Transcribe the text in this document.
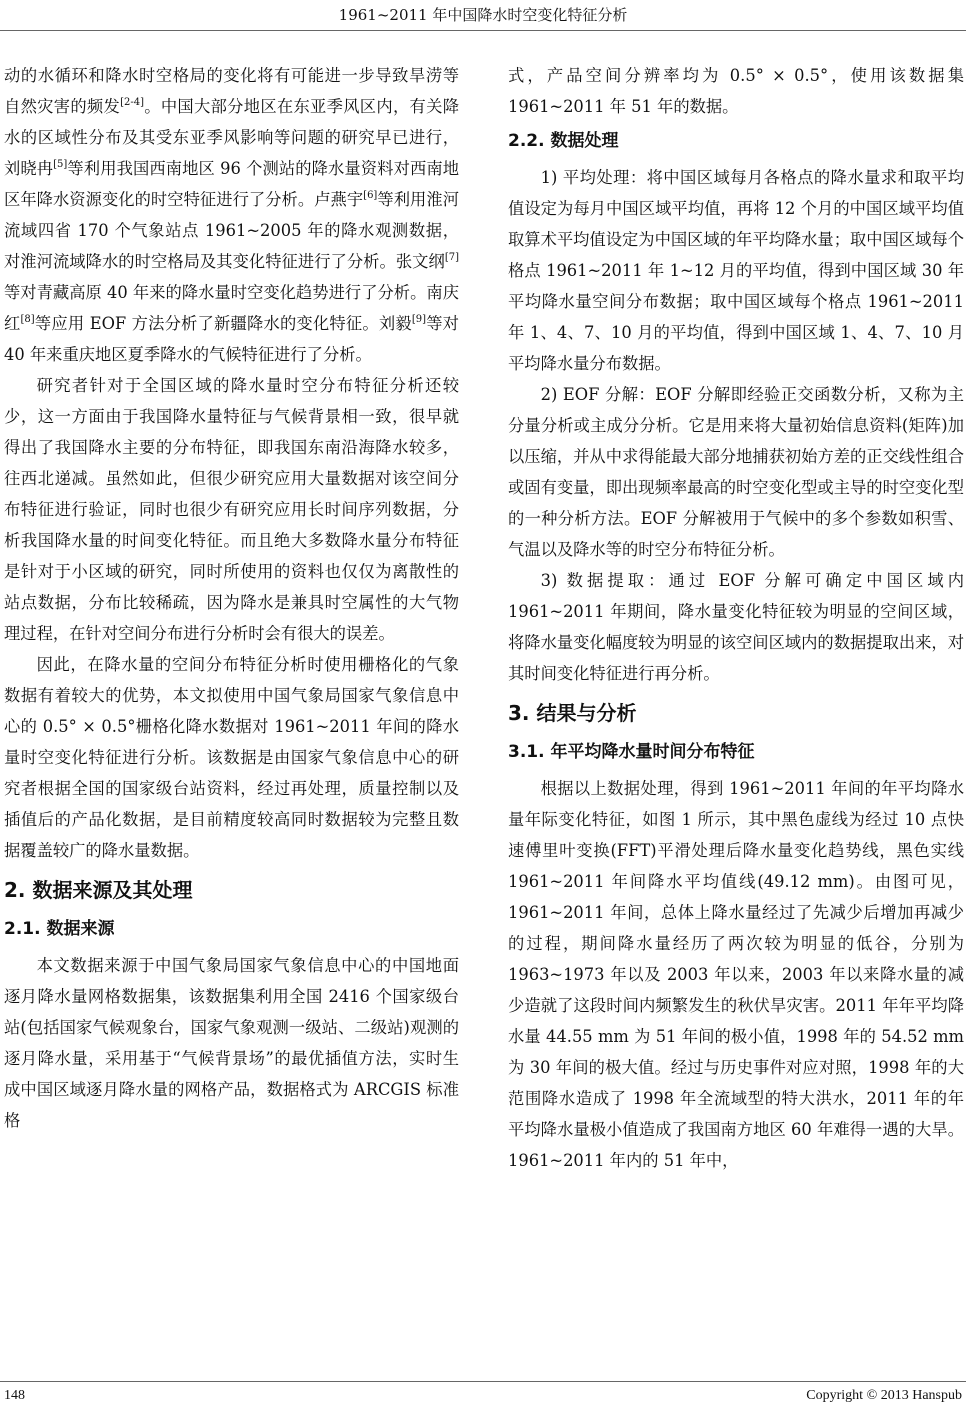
1961~2011 年中国降水时空变化特征分析

动的水循环和降水时空格局的变化将有可能进一步导致旱涝等自然灾害的频发[2-4]。中国大部分地区在东亚季风区内，有关降水的区域性分布及其受东亚季风影响等问题的研究早已进行，刘晓冉[5]等利用我国西南地区 96 个测站的降水量资料对西南地区年降水资源变化的时空特征进行了分析。卢燕宇[6]等利用淮河流域四省 170 个气象站点 1961~2005 年的降水观测数据，对淮河流域降水的时空格局及其变化特征进行了分析。张文纲[7]等对青藏高原 40 年来的降水量时空变化趋势进行了分析。南庆红[8]等应用 EOF 方法分析了新疆降水的变化特征。刘毅[9]等对 40 年来重庆地区夏季降水的气候特征进行了分析。

研究者针对于全国区域的降水量时空分布特征分析还较少，这一方面由于我国降水量特征与气候背景相一致，很早就得出了我国降水主要的分布特征，即我国东南沿海降水较多，往西北递减。虽然如此，但很少研究应用大量数据对该空间分布特征进行验证，同时也很少有研究应用长时间序列数据，分析我国降水量的时间变化特征。而且绝大多数降水量分布特征是针对于小区域的研究，同时所使用的资料也仅仅为离散性的站点数据，分布比较稀疏，因为降水是兼具时空属性的大气物理过程，在针对空间分布进行分析时会有很大的误差。

因此，在降水量的空间分布特征分析时使用栅格化的气象数据有着较大的优势，本文拟使用中国气象局国家气象信息中心的 0.5° × 0.5°栅格化降水数据对 1961~2011 年间的降水量时空变化特征进行分析。该数据是由国家气象信息中心的研究者根据全国的国家级台站资料，经过再处理，质量控制以及插值后的产品化数据，是目前精度较高同时数据较为完整且数据覆盖较广的降水量数据。

2. 数据来源及其处理
2.1. 数据来源

本文数据来源于中国气象局国家气象信息中心的中国地面逐月降水量网格数据集，该数据集利用全国 2416 个国家级台站(包括国家气候观象台，国家气象观测一级站、二级站)观测的逐月降水量，采用基于“气候背景场”的最优插值方法，实时生成中国区域逐月降水量的网格产品，数据格式为 ARCGIS 标准格

式，产品空间分辨率均为 0.5° × 0.5°，使用该数据集 1961~2011 年 51 年的数据。

2.2. 数据处理

1) 平均处理：将中国区域每月各格点的降水量求和取平均值设定为每月中国区域平均值，再将 12 个月的中国区域平均值取算术平均值设定为中国区域的年平均降水量；取中国区域每个格点 1961~2011 年 1~12 月的平均值，得到中国区域 30 年平均降水量空间分布数据；取中国区域每个格点 1961~2011 年 1、4、7、10 月的平均值，得到中国区域 1、4、7、10 月平均降水量分布数据。

2) EOF 分解：EOF 分解即经验正交函数分析，又称为主分量分析或主成分分析。它是用来将大量初始信息资料(矩阵)加以压缩，并从中求得能最大部分地捕获初始方差的正交线性组合或固有变量，即出现频率最高的时空变化型或主导的时空变化型的一种分析方法。EOF 分解被用于气候中的多个参数如积雪、气温以及降水等的时空分布特征分析。

3) 数据提取：通过 EOF 分解可确定中国区域内 1961~2011 年期间，降水量变化特征较为明显的空间区域，将降水量变化幅度较为明显的该空间区域内的数据提取出来，对其时间变化特征进行再分析。

3. 结果与分析
3.1. 年平均降水量时间分布特征

根据以上数据处理，得到 1961~2011 年间的年平均降水量年际变化特征，如图 1 所示，其中黑色虚线为经过 10 点快速傅里叶变换(FFT)平滑处理后降水量变化趋势线，黑色实线 1961~2011 年间降水平均值线(49.12 mm)。由图可见，1961~2011 年间，总体上降水量经过了先减少后增加再减少的过程，期间降水量经历了两次较为明显的低谷，分别为 1963~1973 年以及 2003 年以来，2003 年以来降水量的减少造就了这段时间内频繁发生的秋伏旱灾害。2011 年年平均降水量 44.55 mm 为 51 年间的极小值，1998 年的 54.52 mm 为 30 年间的极大值。经过与历史事件对应对照，1998 年的大范围降水造成了 1998 年全流域型的特大洪水，2011 年的年平均降水量极小值造成了我国南方地区 60 年难得一遇的大旱。1961~2011 年内的 51 年中，

148	Copyright © 2013 Hanspub
